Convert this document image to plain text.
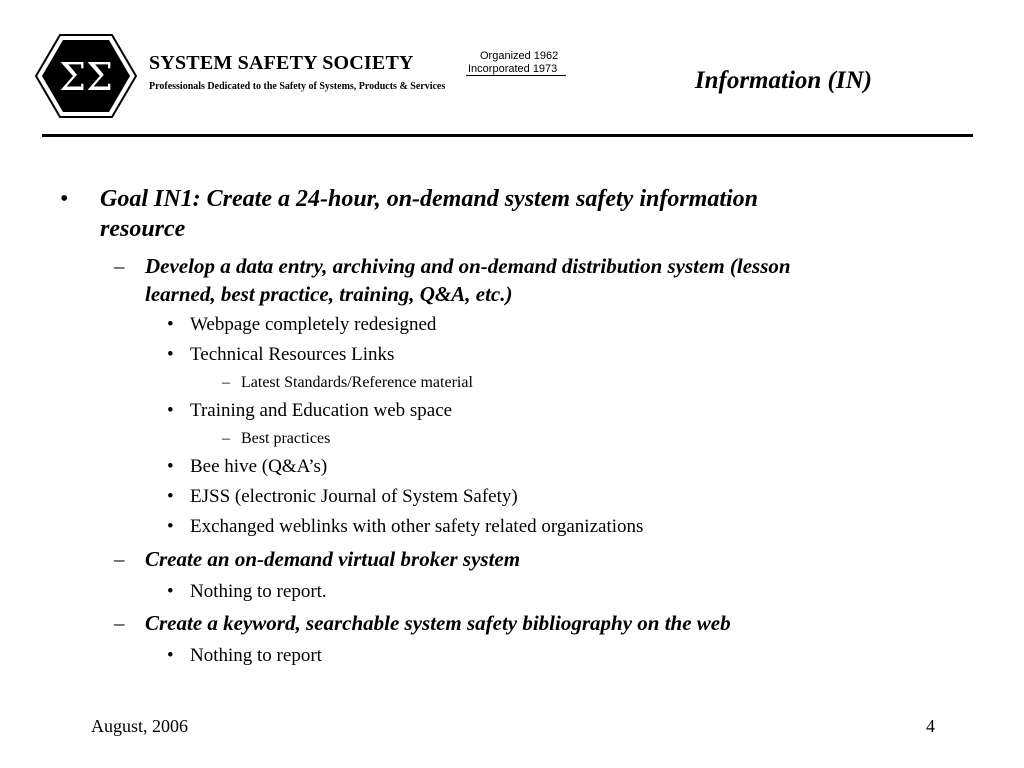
ΣΣ SYSTEM SAFETY SOCIETY	Organized 1962
Incorporated 1973
Professionals Dedicated to the Safety of Systems, Products & Services	Information (IN)
• Goal IN1: Create a 24-hour, on-demand system safety information
resource
– Develop a data entry, archiving and on-demand distribution system (lesson
learned, best practice, training, Q&A, etc.)
• Webpage completely redesigned
• Technical Resources Links
– Latest Standards/Reference material
• Training and Education web space
– Best practices
• Bee hive (Q&A’s)
• EJSS (electronic Journal of System Safety)
• Exchanged weblinks with other safety related organizations
– Create an on-demand virtual broker system
• Nothing to report.
– Create a keyword, searchable system safety bibliography on the web
• Nothing to report
August, 2006	4
